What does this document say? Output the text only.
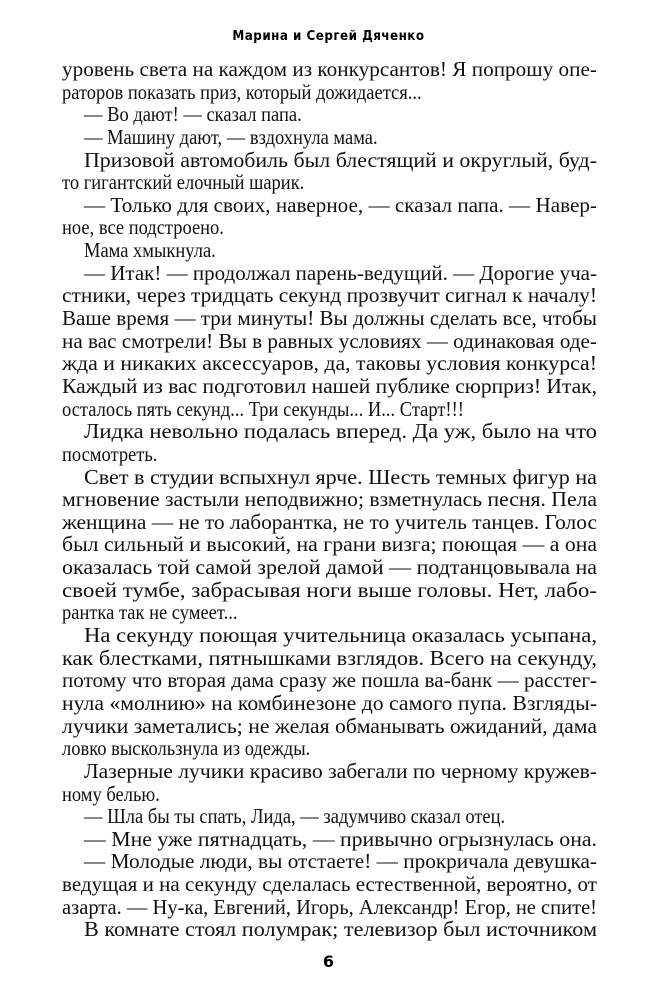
Марина и Сергей Дяченко
уровень света на каждом из конкурсантов! Я попрошу опе-
раторов показать приз, который дожидается...
— Во дают! — сказал папа.
— Машину дают, — вздохнула мама.
Призовой автомобиль был блестящий и округлый, буд-
то гигантский елочный шарик.
— Только для своих, наверное, — сказал папа. — Навер-
ное, все подстроено.
Мама хмыкнула.
— Итак! — продолжал парень-ведущий. — Дорогие уча-
стники, через тридцать секунд прозвучит сигнал к началу!
Ваше время — три минуты! Вы должны сделать все, чтобы
на вас смотрели! Вы в равных условиях — одинаковая оде-
жда и никаких аксессуаров, да, таковы условия конкурса!
Каждый из вас подготовил нашей публике сюрприз! Итак,
осталось пять секунд... Три секунды... И... Старт!!!
Лидка невольно подалась вперед. Да уж, было на что
посмотреть.
Свет в студии вспыхнул ярче. Шесть темных фигур на
мгновение застыли неподвижно; взметнулась песня. Пела
женщина — не то лаборантка, не то учитель танцев. Голос
был сильный и высокий, на грани визга; поющая — а она
оказалась той самой зрелой дамой — подтанцовывала на
своей тумбе, забрасывая ноги выше головы. Нет, лабо-
рантка так не сумеет...
На секунду поющая учительница оказалась усыпана,
как блестками, пятнышками взглядов. Всего на секунду,
потому что вторая дама сразу же пошла ва-банк — расстег-
нула «молнию» на комбинезоне до самого пупа. Взгляды-
лучики заметались; не желая обманывать ожиданий, дама
ловко выскользнула из одежды.
Лазерные лучики красиво забегали по черному кружев-
ному белью.
— Шла бы ты спать, Лида, — задумчиво сказал отец.
— Мне уже пятнадцать, — привычно огрызнулась она.
— Молодые люди, вы отстаете! — прокричала девушка-
ведущая и на секунду сделалась естественной, вероятно, от
азарта. — Ну-ка, Евгений, Игорь, Александр! Егор, не спите!
В комнате стоял полумрак; телевизор был источником
6
